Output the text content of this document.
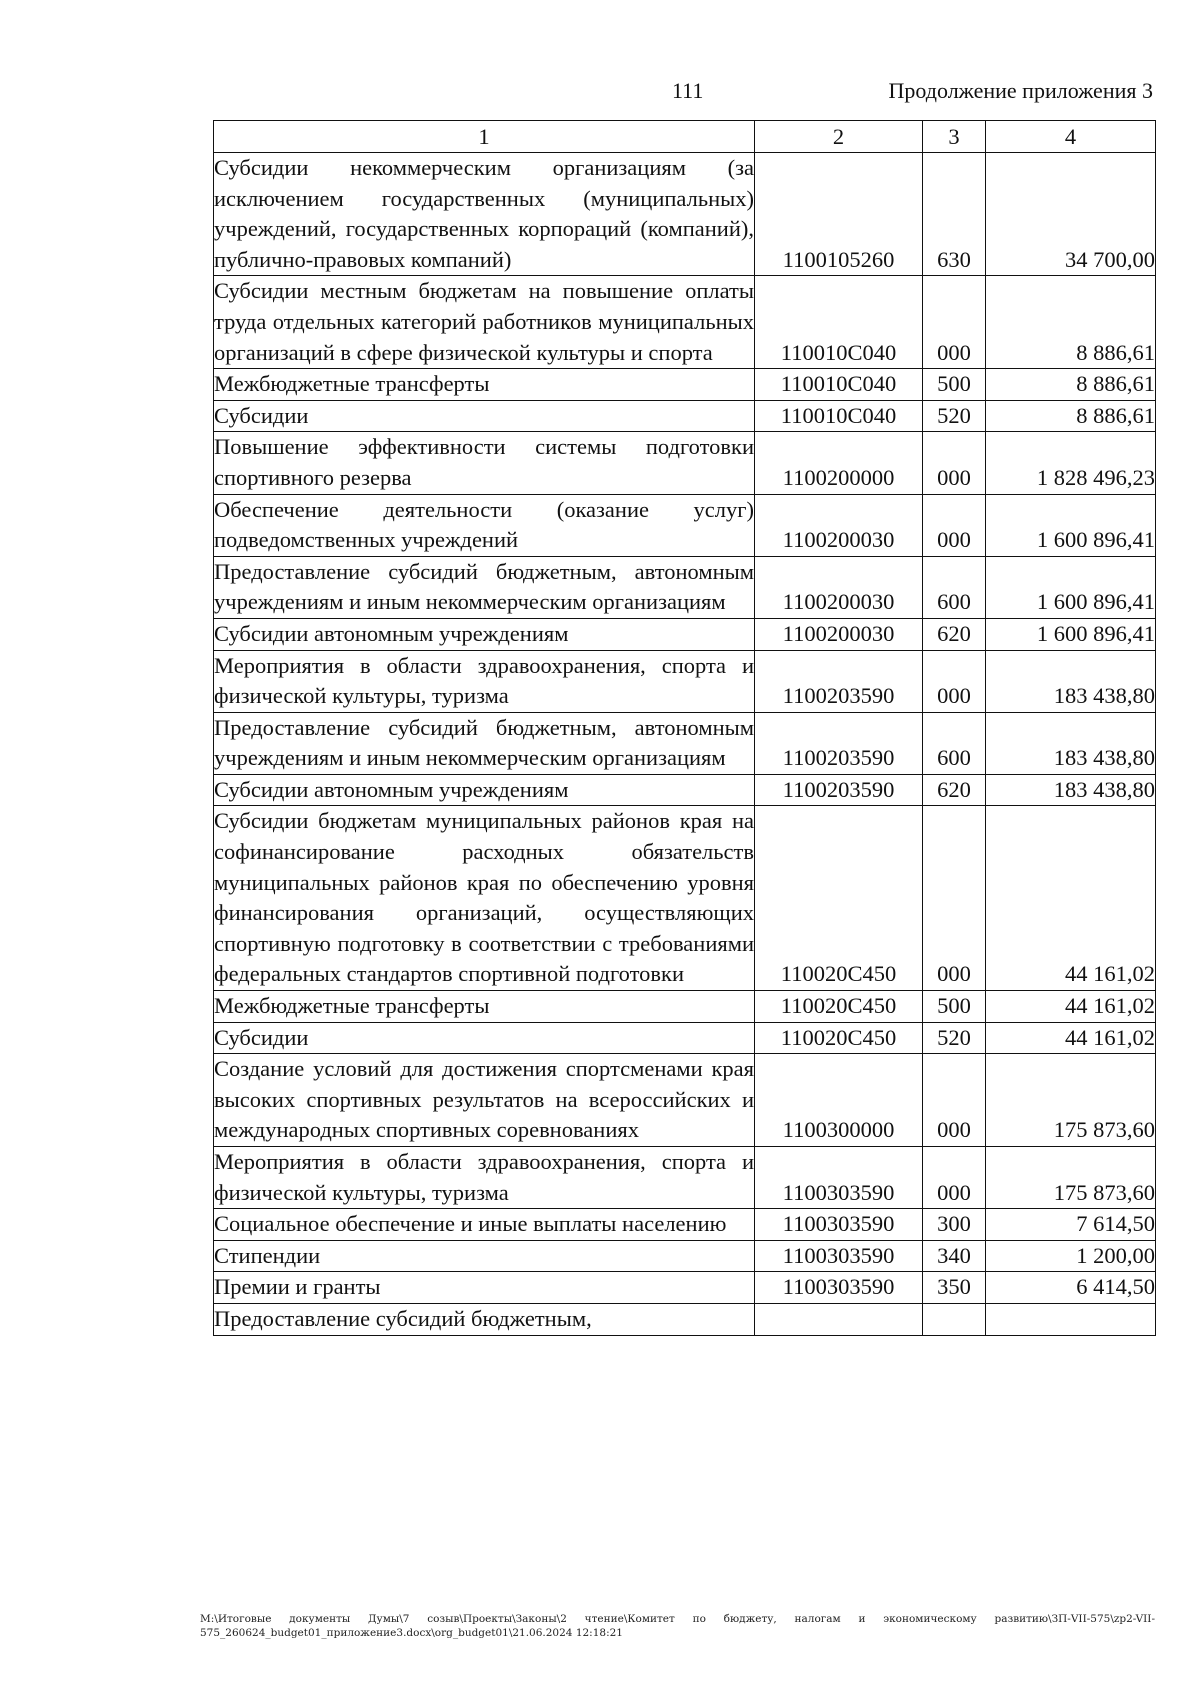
111	Продолжение приложения 3
1	2	3	4
Субсидии некоммерческим организациям (за исключением государственных (муниципальных) учреждений, государственных корпораций (компаний), публично-правовых компаний)	1100105260	630	34 700,00
Субсидии местным бюджетам на повышение оплаты труда отдельных категорий работников муниципальных организаций в сфере физической культуры и спорта	110010С040	000	8 886,61
Межбюджетные трансферты	110010С040	500	8 886,61
Субсидии	110010С040	520	8 886,61
Повышение эффективности системы подготовки спортивного резерва	1100200000	000	1 828 496,23
Обеспечение деятельности (оказание услуг) подведомственных учреждений	1100200030	000	1 600 896,41
Предоставление субсидий бюджетным, автономным учреждениям и иным некоммерческим организациям	1100200030	600	1 600 896,41
Субсидии автономным учреждениям	1100200030	620	1 600 896,41
Мероприятия в области здравоохранения, спорта и физической культуры, туризма	1100203590	000	183 438,80
Предоставление субсидий бюджетным, автономным учреждениям и иным некоммерческим организациям	1100203590	600	183 438,80
Субсидии автономным учреждениям	1100203590	620	183 438,80
Субсидии бюджетам муниципальных районов края на софинансирование расходных обязательств муниципальных районов края по обеспечению уровня финансирования организаций, осуществляющих спортивную подготовку в соответствии с требованиями федеральных стандартов спортивной подготовки	110020С450	000	44 161,02
Межбюджетные трансферты	110020С450	500	44 161,02
Субсидии	110020С450	520	44 161,02
Создание условий для достижения спортсменами края высоких спортивных результатов на всероссийских и международных спортивных соревнованиях	1100300000	000	175 873,60
Мероприятия в области здравоохранения, спорта и физической культуры, туризма	1100303590	000	175 873,60
Социальное обеспечение и иные выплаты населению	1100303590	300	7 614,50
Стипендии	1100303590	340	1 200,00
Премии и гранты	1100303590	350	6 414,50
Предоставление субсидий бюджетным,			
М:\Итоговые документы Думы\7 созыв\Проекты\Законы\2 чтение\Комитет по бюджету, налогам и экономическому развитию\ЗП-VII-575\zp2-VII-575_260624_budget01_приложение3.docx\org_budget01\21.06.2024 12:18:21
